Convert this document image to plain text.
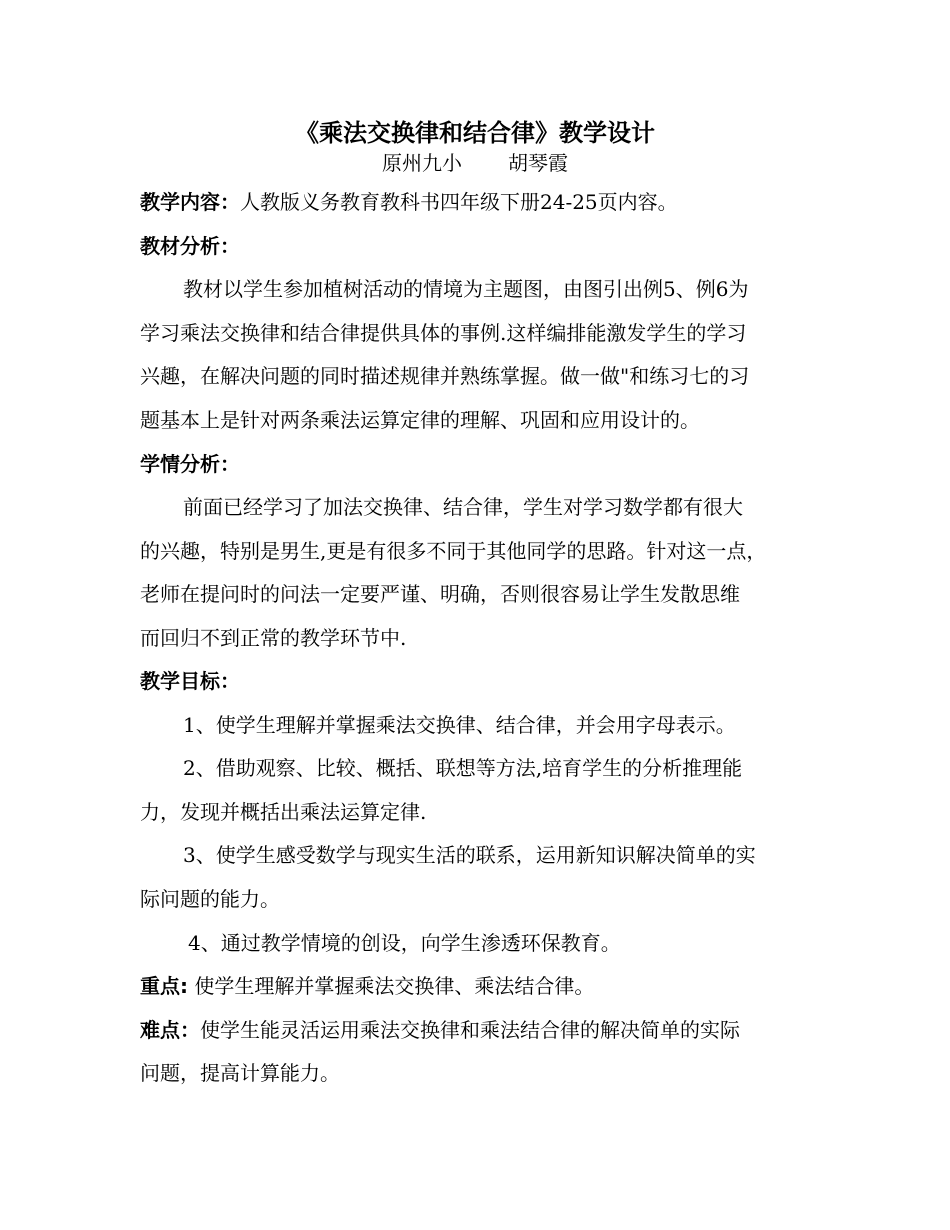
《乘法交换律和结合律》教学设计
原州九小 胡琴霞
教学内容：人教版义务教育教科书四年级下册24-25页内容。
教材分析：
教材以学生参加植树活动的情境为主题图，由图引出例5、例6为
学习乘法交换律和结合律提供具体的事例.这样编排能激发学生的学习
兴趣，在解决问题的同时描述规律并熟练掌握。做一做"和练习七的习
题基本上是针对两条乘法运算定律的理解、巩固和应用设计的。
学情分析：
前面已经学习了加法交换律、结合律，学生对学习数学都有很大
的兴趣，特别是男生,更是有很多不同于其他同学的思路。针对这一点，
老师在提问时的问法一定要严谨、明确，否则很容易让学生发散思维
而回归不到正常的教学环节中.
教学目标：
1、使学生理解并掌握乘法交换律、结合律，并会用字母表示。
2、借助观察、比较、概括、联想等方法,培育学生的分析推理能
力，发现并概括出乘法运算定律.
3、使学生感受数学与现实生活的联系，运用新知识解决简单的实
际问题的能力。
4、通过教学情境的创设，向学生渗透环保教育。
重点: 使学生理解并掌握乘法交换律、乘法结合律。
难点：使学生能灵活运用乘法交换律和乘法结合律的解决简单的实际
问题，提高计算能力。
